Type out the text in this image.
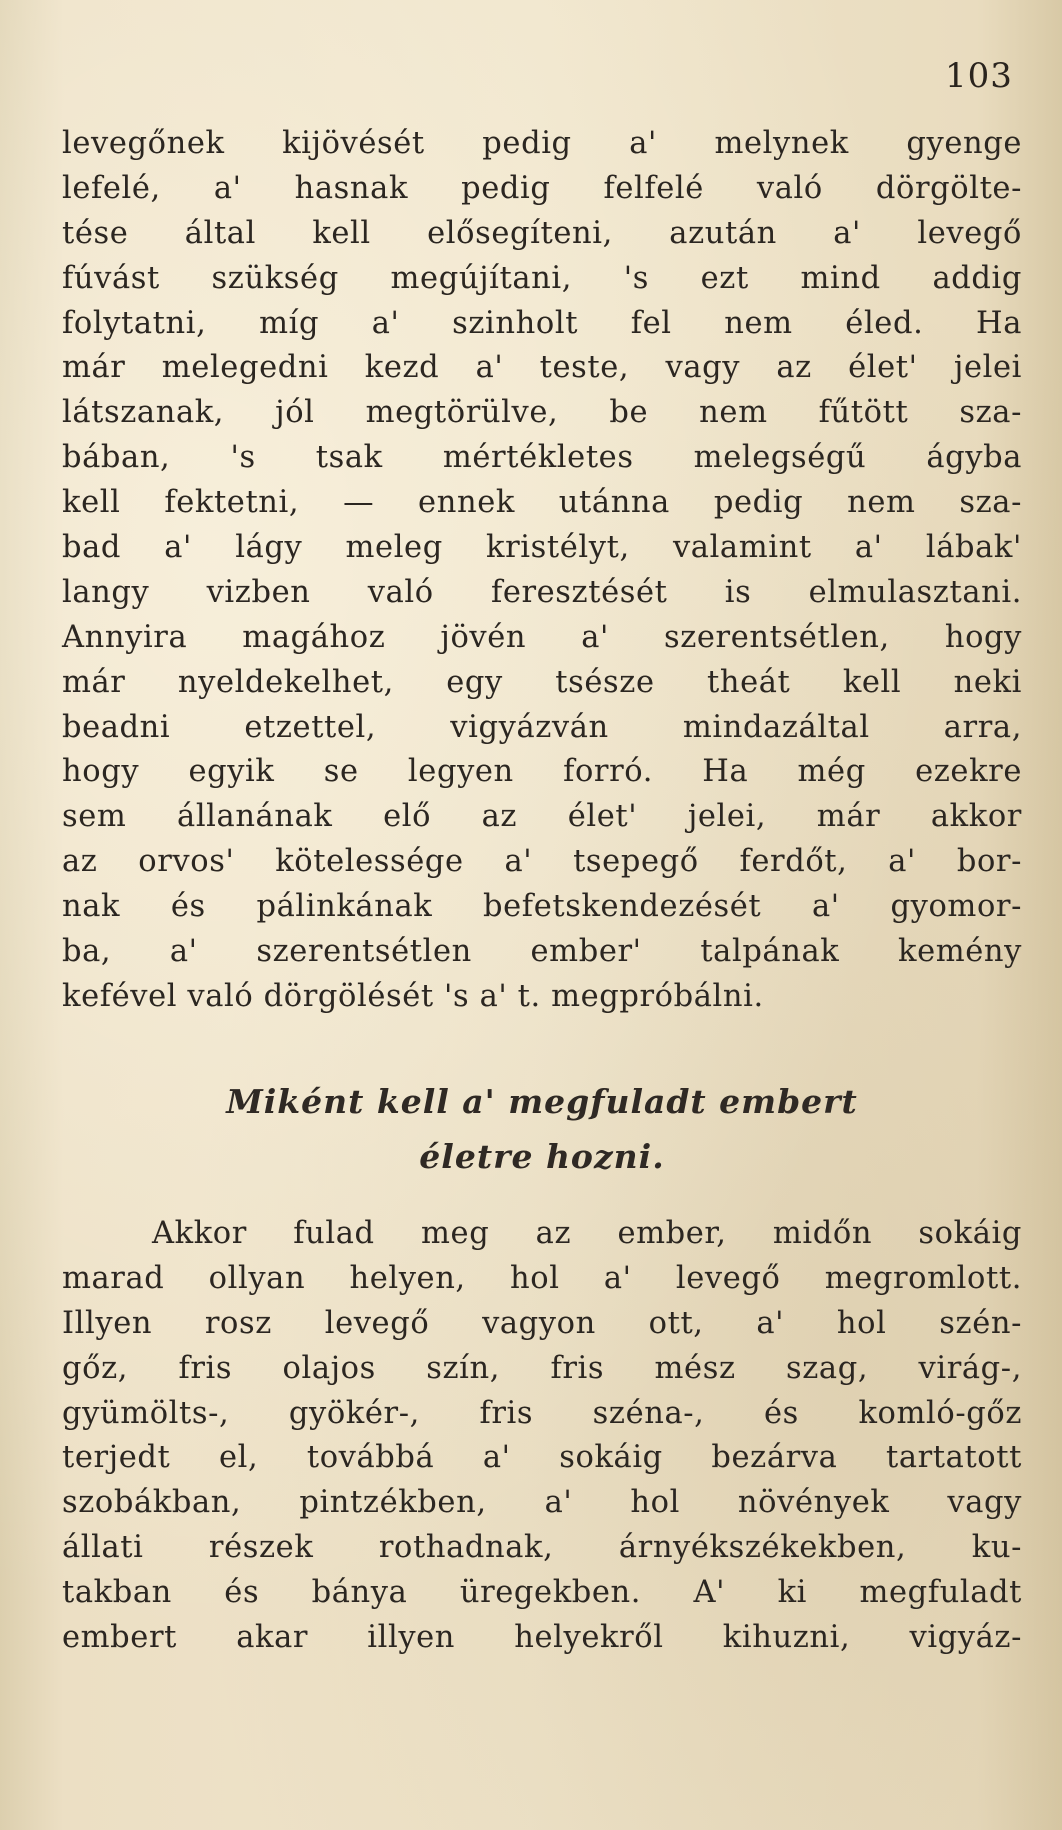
103
levegőnek kijövését pedig a' melynek gyenge
lefelé, a' hasnak pedig felfelé való dörgölte-
tése által kell elősegíteni, azután a' levegő
fúvást szükség megújítani, 's ezt mind addig
folytatni, míg a' szinholt fel nem éled. Ha
már melegedni kezd a' teste, vagy az élet' jelei
látszanak, jól megtörülve, be nem fűtött sza-
bában, 's tsak mértékletes melegségű ágyba
kell fektetni, — ennek utánna pedig nem sza-
bad a' lágy meleg kristélyt, valamint a' lábak'
langy vizben való feresztését is elmulasztani.
Annyira magához jövén a' szerentsétlen, hogy
már nyeldekelhet, egy tsésze theát kell neki
beadni etzettel, vigyázván mindazáltal arra,
hogy egyik se legyen forró. Ha még ezekre
sem állanának elő az élet' jelei, már akkor
az orvos' kötelessége a' tsepegő ferdőt, a' bor-
nak és pálinkának befetskendezését a' gyomor-
ba, a' szerentsétlen ember' talpának kemény
kefével való dörgölését 's a' t. megpróbálni.
Miként kell a' megfuladt embert
életre hozni.
Akkor fulad meg az ember, midőn sokáig
marad ollyan helyen, hol a' levegő megromlott.
Illyen rosz levegő vagyon ott, a' hol szén-
gőz, fris olajos szín, fris mész szag, virág-,
gyümölts-, gyökér-, fris széna-, és komló-gőz
terjedt el, továbbá a' sokáig bezárva tartatott
szobákban, pintzékben, a' hol növények vagy
állati részek rothadnak, árnyékszékekben, ku-
takban és bánya üregekben. A' ki megfuladt
embert akar illyen helyekről kihuzni, vigyáz-
